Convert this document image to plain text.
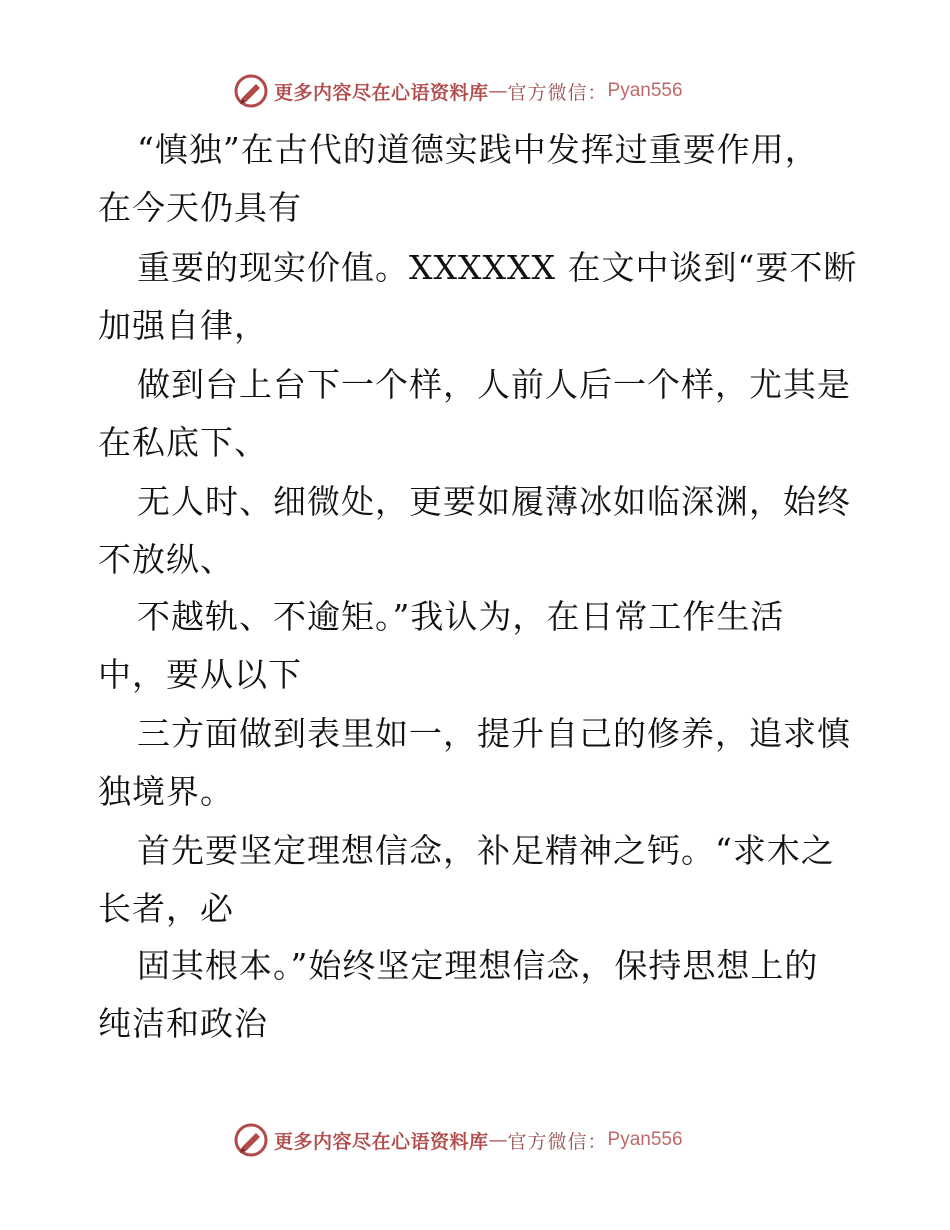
更多内容尽在心语资料库 — 官方微信： Pyan556
“慎独”在古代的道德实践中发挥过重要作用，
在今天仍具有
重要的现实价值。XXXXXX 在文中谈到“要不断
加强自律，
做到台上台下一个样，人前人后一个样，尤其是
在私底下、
无人时、细微处，更要如履薄冰如临深渊，始终
不放纵、
不越轨、不逾矩。”我认为，在日常工作生活
中，要从以下
三方面做到表里如一，提升自己的修养，追求慎
独境界。
首先要坚定理想信念，补足精神之钙。“求木之
长者，必
固其根本。”始终坚定理想信念，保持思想上的
纯洁和政治
更多内容尽在心语资料库 — 官方微信： Pyan556
